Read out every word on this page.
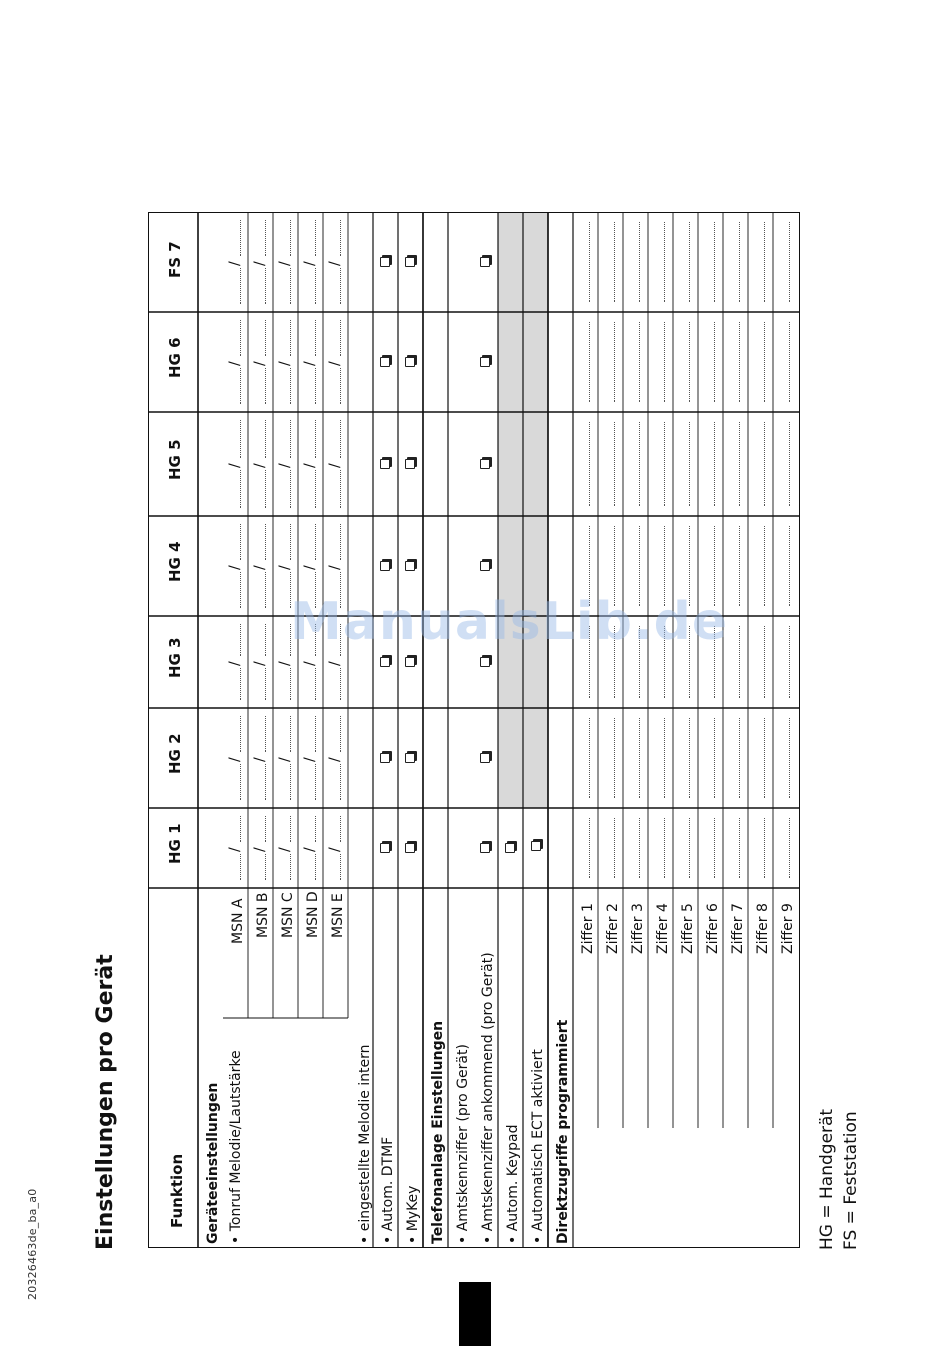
20326463de_ba_a0 Einstellungen pro Gerät	Funktion
HG 1
HG 2
HG 3
HG 4
HG 5
HG 6
FS 7
Geräteeinstellungen • Tonruf Melodie/Lautstärke
MSN A
/
/
/
/
/
/
/
MSN B
/
/
/
/
/
/
/
MSN C
/
/
/
/
/
/
/
MSN D
/
/
/
/
/
/
/
MSN E
/
/
/
/
/
/
/
• eingestellte Melodie intern • Autom. DTMF • MyKey Telefonanlage Einstellungen • Amtskennziffer (pro Gerät) • Amtskennziffer ankommend (pro Gerät) • Autom. Keypad • Automatisch ECT aktiviert Direktzugriffe programmiert
Ziffer 1 Ziffer 2 Ziffer 3 Ziffer 4 Ziffer 5 Ziffer 6 Ziffer 7 Ziffer 8 Ziffer 9
HG = Handgerät FS = Feststation
ManualsLib.de
